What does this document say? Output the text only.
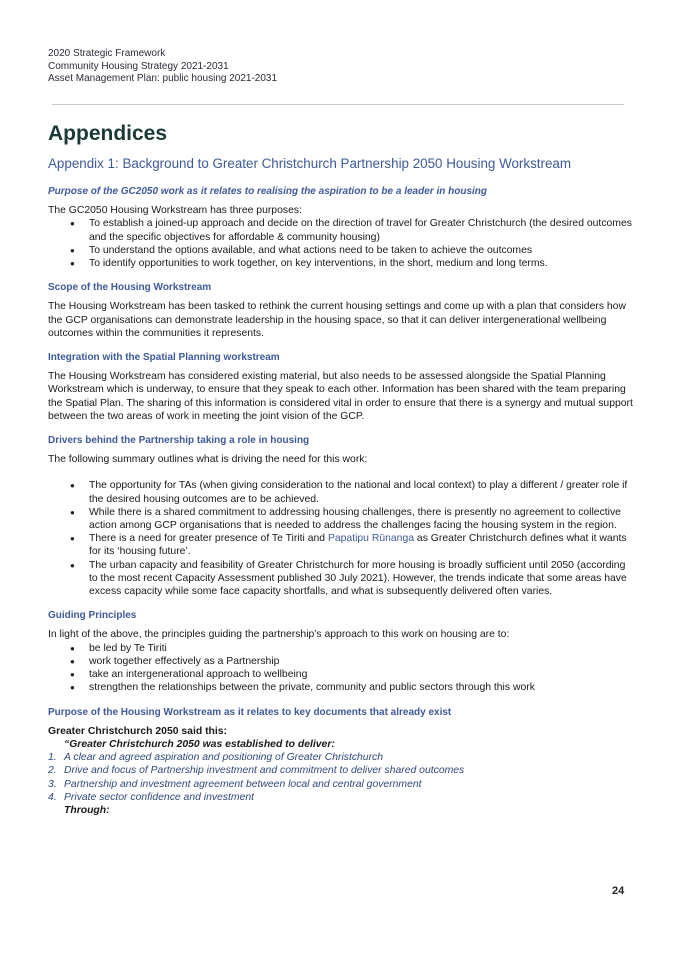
2020 Strategic Framework
Community Housing Strategy 2021-2031
Asset Management Plan: public housing 2021-2031
Appendices
Appendix 1: Background to Greater Christchurch Partnership 2050 Housing Workstream

Purpose of the GC2050 work as it relates to realising the aspiration to be a leader in housing

The GC2050 Housing Workstream has three purposes:

● To establish a joined-up approach and decide on the direction of travel for Greater Christchurch (the desired outcomes and the specific objectives for affordable & community housing)
● To understand the options available, and what actions need to be taken to achieve the outcomes
● To identify opportunities to work together, on key interventions, in the short, medium and long terms.

Scope of the Housing Workstream

The Housing Workstream has been tasked to rethink the current housing settings and come up with a plan that considers how the GCP organisations can demonstrate leadership in the housing space, so that it can deliver intergenerational wellbeing outcomes within the communities it represents.

Integration with the Spatial Planning workstream

The Housing Workstream has considered existing material, but also needs to be assessed alongside the Spatial Planning Workstream which is underway, to ensure that they speak to each other. Information has been shared with the team preparing the Spatial Plan. The sharing of this information is considered vital in order to ensure that there is a synergy and mutual support between the two areas of work in meeting the joint vision of the GCP.

Drivers behind the Partnership taking a role in housing

The following summary outlines what is driving the need for this work:

● The opportunity for TAs (when giving consideration to the national and local context) to play a different / greater role if the desired housing outcomes are to be achieved.
● While there is a shared commitment to addressing housing challenges, there is presently no agreement to collective action among GCP organisations that is needed to address the challenges facing the housing system in the region.
● There is a need for greater presence of Te Tiriti and Papatipu Rūnanga as Greater Christchurch defines what it wants for its ‘housing future’.
● The urban capacity and feasibility of Greater Christchurch for more housing is broadly sufficient until 2050 (according to the most recent Capacity Assessment published 30 July 2021). However, the trends indicate that some areas have excess capacity while some face capacity shortfalls, and what is subsequently delivered often varies.

Guiding Principles

In light of the above, the principles guiding the partnership’s approach to this work on housing are to:

● be led by Te Tiriti
● work together effectively as a Partnership
● take an intergenerational approach to wellbeing
● strengthen the relationships between the private, community and public sectors through this work

Purpose of the Housing Workstream as it relates to key documents that already exist

Greater Christchurch 2050 said this:

“Greater Christchurch 2050 was established to deliver:

1. A clear and agreed aspiration and positioning of Greater Christchurch
2. Drive and focus of Partnership investment and commitment to deliver shared outcomes
3. Partnership and investment agreement between local and central government
4. Private sector confidence and investment

Through:

24
